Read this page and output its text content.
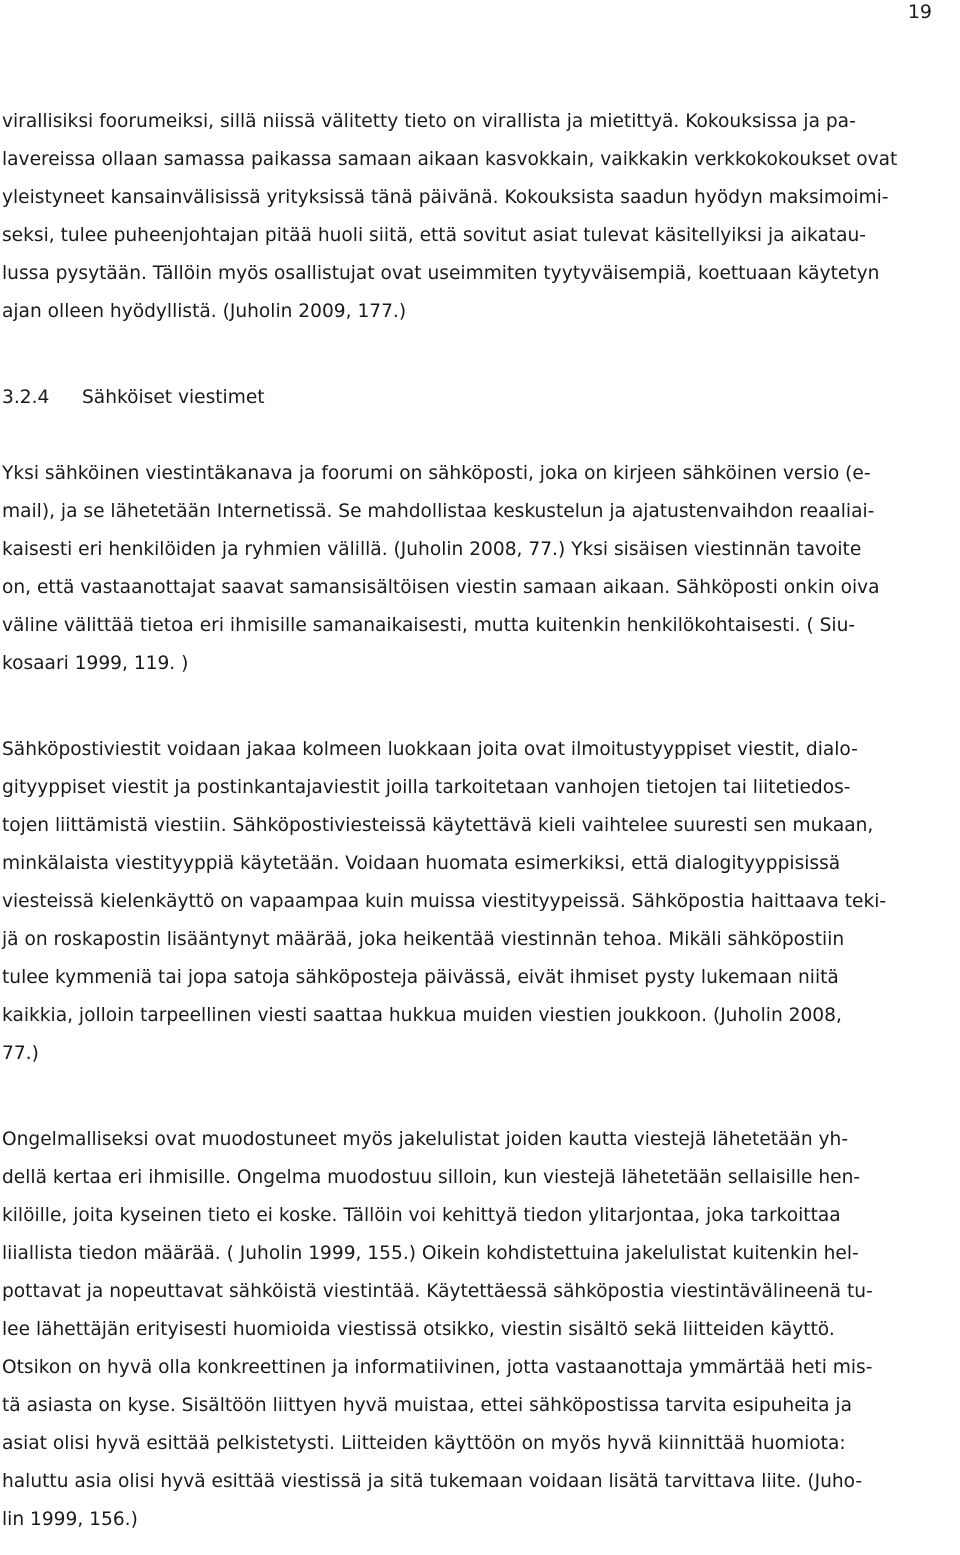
19
virallisiksi foorumeiksi, sillä niissä välitetty tieto on virallista ja mietittyä. Kokouksissa ja pa-
lavereissa ollaan samassa paikassa samaan aikaan kasvokkain, vaikkakin verkkokokoukset ovat
yleistyneet kansainvälisissä yrityksissä tänä päivänä. Kokouksista saadun hyödyn maksimoimi-
seksi, tulee puheenjohtajan pitää huoli siitä, että sovitut asiat tulevat käsitellyiksi ja aikatau-
lussa pysytään. Tällöin myös osallistujat ovat useimmiten tyytyväisempiä, koettuaan käytetyn
ajan olleen hyödyllistä. (Juholin 2009, 177.)
3.2.4 Sähköiset viestimet
Yksi sähköinen viestintäkanava ja foorumi on sähköposti, joka on kirjeen sähköinen versio (e-
mail), ja se lähetetään Internetissä. Se mahdollistaa keskustelun ja ajatustenvaihdon reaaliai-
kaisesti eri henkilöiden ja ryhmien välillä. (Juholin 2008, 77.) Yksi sisäisen viestinnän tavoite
on, että vastaanottajat saavat samansisältöisen viestin samaan aikaan. Sähköposti onkin oiva
väline välittää tietoa eri ihmisille samanaikaisesti, mutta kuitenkin henkilökohtaisesti. ( Siu-
kosaari 1999, 119. )
Sähköpostiviestit voidaan jakaa kolmeen luokkaan joita ovat ilmoitustyyppiset viestit, dialo-
gityyppiset viestit ja postinkantajaviestit joilla tarkoitetaan vanhojen tietojen tai liitetiedos-
tojen liittämistä viestiin. Sähköpostiviesteissä käytettävä kieli vaihtelee suuresti sen mukaan,
minkälaista viestityyppiä käytetään. Voidaan huomata esimerkiksi, että dialogityyppisissä
viesteissä kielenkäyttö on vapaampaa kuin muissa viestityypeissä. Sähköpostia haittaava teki-
jä on roskapostin lisääntynyt määrää, joka heikentää viestinnän tehoa. Mikäli sähköpostiin
tulee kymmeniä tai jopa satoja sähköposteja päivässä, eivät ihmiset pysty lukemaan niitä
kaikkia, jolloin tarpeellinen viesti saattaa hukkua muiden viestien joukkoon. (Juholin 2008,
77.)
Ongelmalliseksi ovat muodostuneet myös jakelulistat joiden kautta viestejä lähetetään yh-
dellä kertaa eri ihmisille. Ongelma muodostuu silloin, kun viestejä lähetetään sellaisille hen-
kilöille, joita kyseinen tieto ei koske. Tällöin voi kehittyä tiedon ylitarjontaa, joka tarkoittaa
liiallista tiedon määrää. ( Juholin 1999, 155.) Oikein kohdistettuina jakelulistat kuitenkin hel-
pottavat ja nopeuttavat sähköistä viestintää. Käytettäessä sähköpostia viestintävälineenä tu-
lee lähettäjän erityisesti huomioida viestissä otsikko, viestin sisältö sekä liitteiden käyttö.
Otsikon on hyvä olla konkreettinen ja informatiivinen, jotta vastaanottaja ymmärtää heti mis-
tä asiasta on kyse. Sisältöön liittyen hyvä muistaa, ettei sähköpostissa tarvita esipuheita ja
asiat olisi hyvä esittää pelkistetysti. Liitteiden käyttöön on myös hyvä kiinnittää huomiota:
haluttu asia olisi hyvä esittää viestissä ja sitä tukemaan voidaan lisätä tarvittava liite. (Juho-
lin 1999, 156.)
